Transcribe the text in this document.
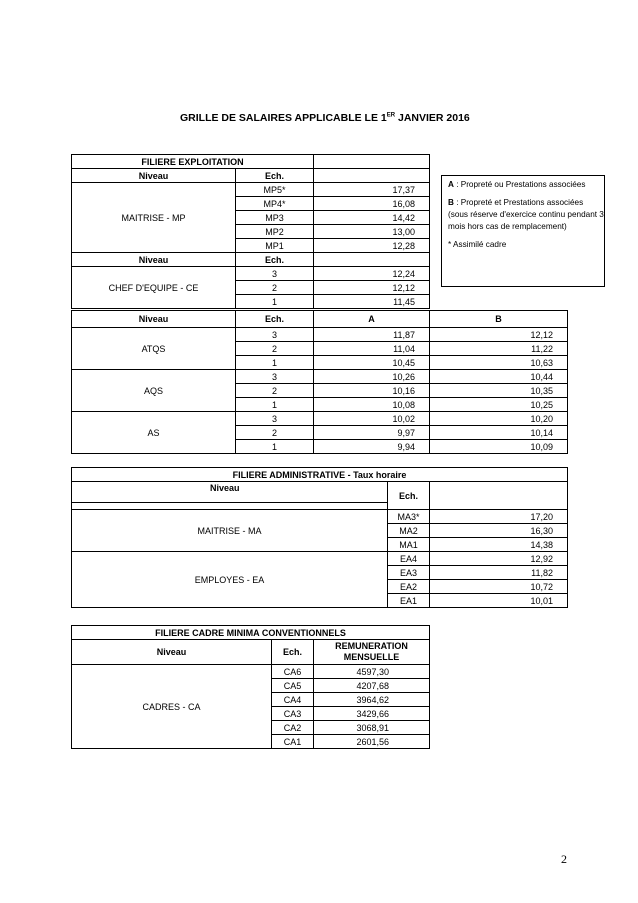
GRILLE DE SALAIRES APPLICABLE LE 1ER JANVIER 2016
FILIERE EXPLOITATION		
Niveau	Ech.	
MAITRISE - MP	MP5*	17,37
	MP4*	16,08
	MP3	14,42
	MP2	13,00
	MP1	12,28
Niveau	Ech.	
CHEF D'EQUIPE - CE	3	12,24
	2	12,12
	1	11,45

A : Propreté ou Prestations associées

B : Propreté et Prestations associées (sous réserve d'exercice continu pendant 3 mois hors cas de remplacement)

* Assimilé cadre

Niveau	Ech.	A	B
ATQS	3	11,87	12,12
	2	11,04	11,22
	1	10,45	10,63
AQS	3	10,26	10,44
	2	10,16	10,35
	1	10,08	10,25
AS	3	10,02	10,20
	2	9,97	10,14
	1	9,94	10,09
FILIERE ADMINISTRATIVE - Taux horaire		
Niveau	Ech.	

MAITRISE - MA	MA3*	17,20
	MA2	16,30
	MA1	14,38
EMPLOYES - EA	EA4	12,92
	EA3	11,82
	EA2	10,72
	EA1	10,01
FILIERE CADRE MINIMA CONVENTIONNELS		
Niveau	Ech.	REMUNERATION MENSUELLE
CADRES - CA	CA6	4597,30
	CA5	4207,68
	CA4	3964,62
	CA3	3429,66
	CA2	3068,91
	CA1	2601,56
2
